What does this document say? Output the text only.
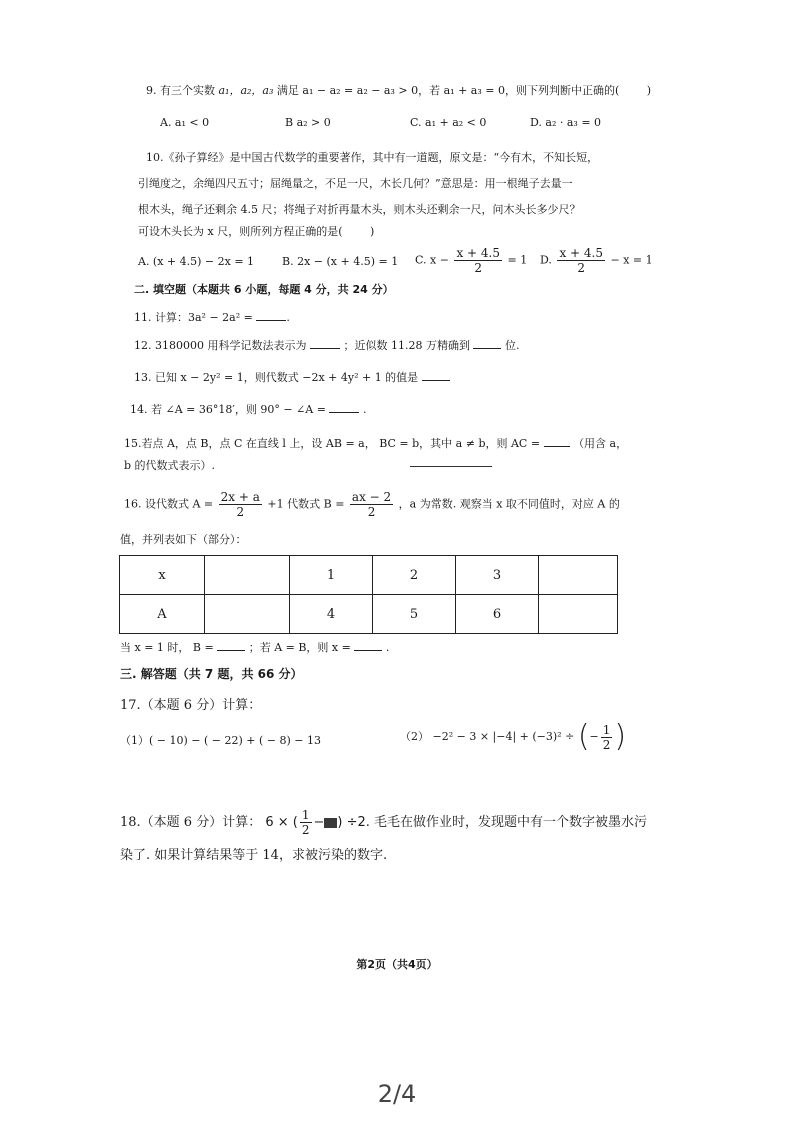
9. 有三个实数 a₁，a₂，a₃ 满足 a₁ − a₂ = a₂ − a₃ > 0，若 a₁ + a₃ = 0，则下列判断中正确的(	)
A. a₁ < 0	B a₂ > 0	C. a₁ + a₂ < 0	D. a₂ · a₃ = 0
10.《孙子算经》是中国古代数学的重要著作，其中有一道题，原文是：“今有木，不知长短，
引绳度之，余绳四尺五寸；屈绳量之，不足一尺，木长几何？”意思是：用一根绳子去量一
根木头，绳子还剩余 4.5 尺；将绳子对折再量木头，则木头还剩余一尺，问木头长多少尺？
可设木头长为 x 尺，则所列方程正确的是(	)
A. (x + 4.5) − 2x = 1	B. 2x − (x + 4.5) = 1 C. $x - \frac{x + 4.5}{2} = 1$ D. $\frac{x + 4.5}{2} - x = 1$
二. 填空题（本题共 6 小题，每题 4 分，共 24 分）
11. 计算：3a² − 2a² =	.
12. 3180000 用科学记数法表示为	；近似数 11.28 万精确到	位.
13. 已知 x − 2y² = 1，则代数式 −2x + 4y² + 1 的值是
14. 若 ∠A = 36°18′，则 90° − ∠A =	.
15.若点 A，点 B，点 C 在直线 l 上，设 AB = a， BC = b，其中 a ≠ b，则 AC =	（用含 a，
b 的代数式表示）.
16. 设代数式 $A = \frac{2x + a}{2} +1$ 代数式 $B = \frac{ax - 2}{2}$ ，a 为常数. 观察当 x 取不同值时，对应 A 的
值，并列表如下（部分）：
x		1	2	3	
A		4	5	6	
当 x = 1 时， B =	；若 A = B，则 x =	.
三. 解答题（共 7 题，共 66 分）
17.（本题 6 分）计算：
（1）( − 10) − ( − 22) + ( − 8) − 13	（2） −2² − 3 × |−4| + (−3)² ÷ (− $\frac{1}{2}$ )
18.（本题 6 分）计算： 6 × ( $\frac{1}{2}$ − ) ÷2. 毛毛在做作业时，发现题中有一个数字被墨水污
染了. 如果计算结果等于 14，求被污染的数字.
第2页（共4页）
2/4
